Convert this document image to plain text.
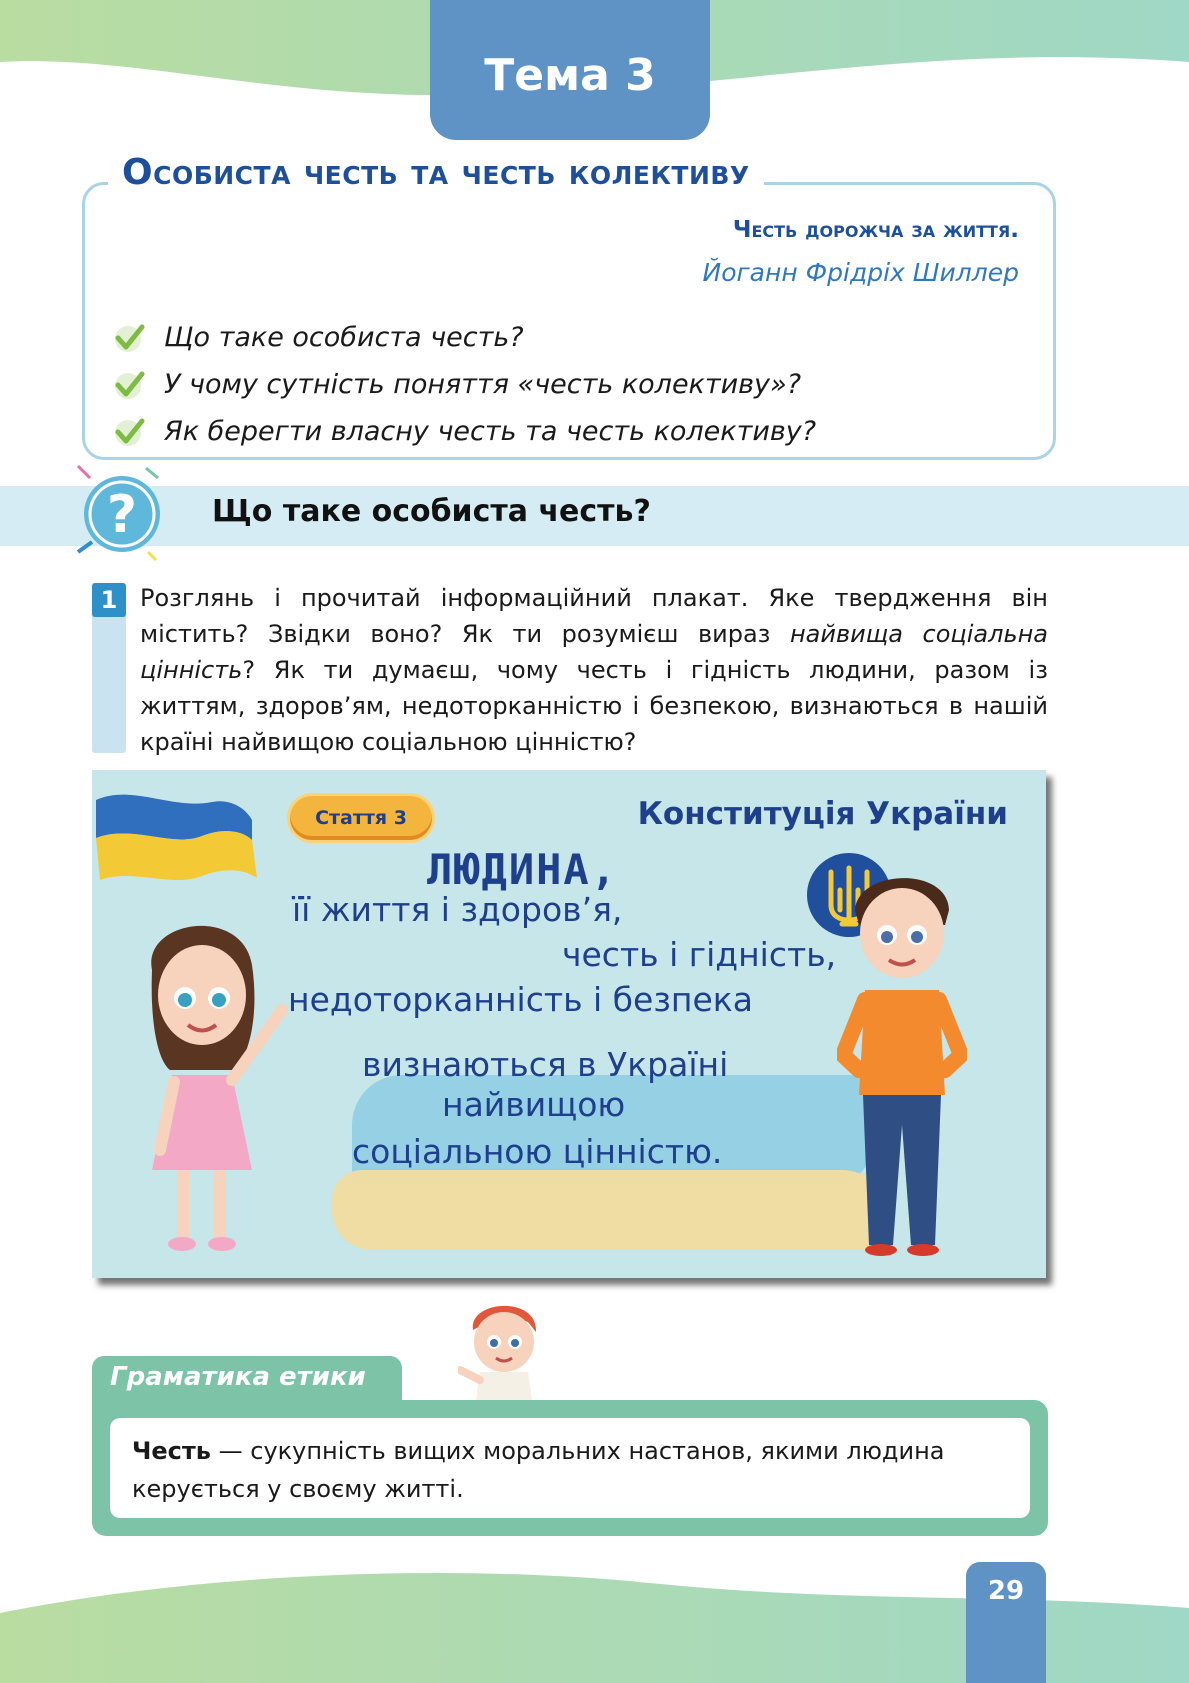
Тема 3
Особиста честь та честь колективу
Честь дорожча за життя.
Йоганн Фрідріх Шиллер
Що таке особиста честь?
У чому сутність поняття «честь колективу»?
Як берегти власну честь та честь колективу?
? Що таке особиста честь?
1 Розглянь і прочитай інформаційний плакат. Яке твердження він містить? Звідки воно? Як ти розумієш вираз найвища соціальна цінність? Як ти думаєш, чому честь і гідність людини, разом із життям, здоров’ям, недоторканністю і безпекою, визнаються в нашій країні найвищою соціальною цінністю?
Стаття 3	Конституція України
ЛЮДИНА,
її життя і здоров’я,
честь і гідність,
недоторканність і безпека
визнаються в Україні
найвищою
соціальною цінністю.
Честь — сукупність вищих моральних настанов, якими людина керується у своєму житті.
Граматика етики
29
